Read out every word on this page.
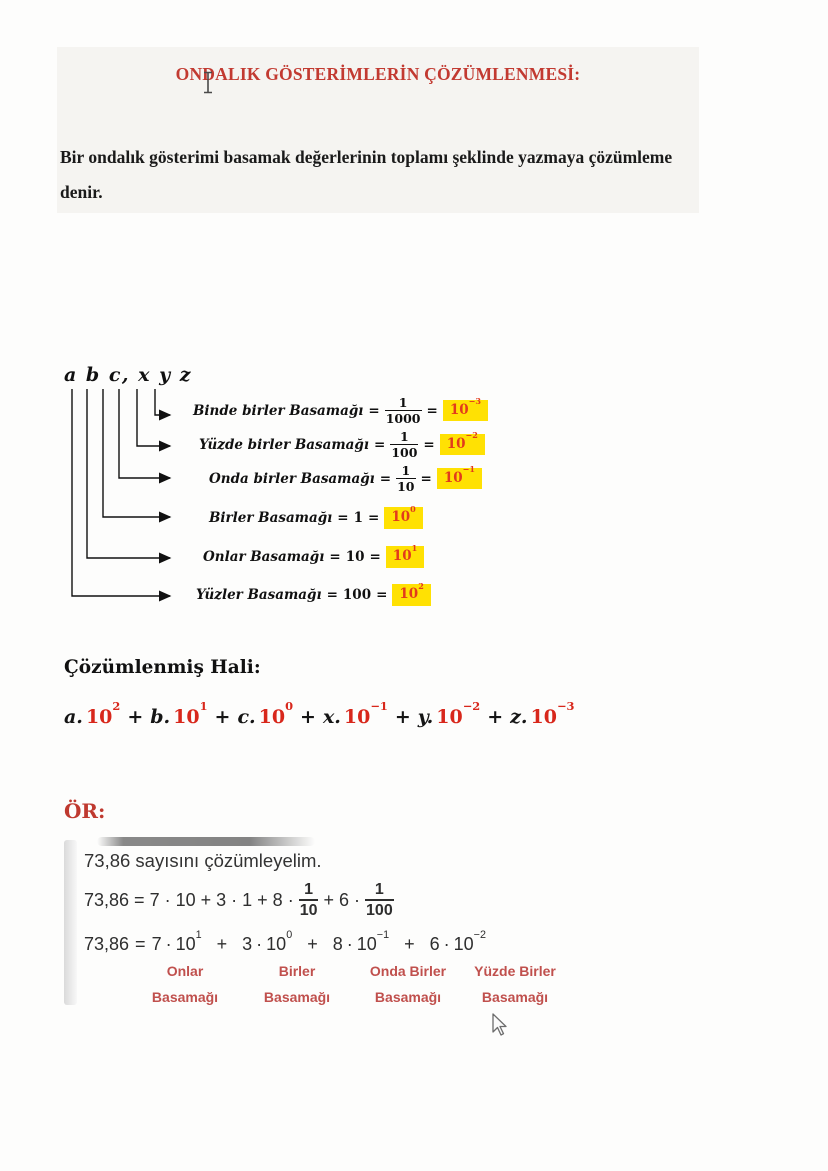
ONDALIK GÖSTERİMLERİN ÇÖZÜMLENMESİ:
Bir ondalık gösterimi basamak değerlerinin toplamı şeklinde yazmaya çözümleme denir.
a b c, x y z
Binde birler Basamağı = $\frac{1}{1000} = 10^{-3}$
Yüzde birler Basamağı = $\frac{1}{100} = 10^{-2}$
Onda birler Basamağı = $\frac{1}{10} = 10^{-1}$
Birler Basamağı = $1 = 10^0$
Onlar Basamağı = $10 = 10^1$
Yüzler Basamağı = $100 = 10^2$
Çözümlenmiş Hali:
a. $10^2+ b$. $10^1+ c$. $10^0+ x$. $10^{-1}+ y$. $10^{-2}+ z$. $10^{-3}$
ÖR:
73,86 sayısını çözümleyelim.
$73,86 = 7 \cdot 10 + 3 \cdot 1 + 8 \cdot \frac{1}{10} + 6 \cdot \frac{1}{100}$
$73,86 = 7 \cdot 10^1 + 3 \cdot 10^0 + 8 \cdot 10^{-1} + 6 \cdot 10^{-2}$
Onlar
Basamağı
Birler
Basamağı
Onda Birler
Basamağı
Yüzde Birler
Basamağı
